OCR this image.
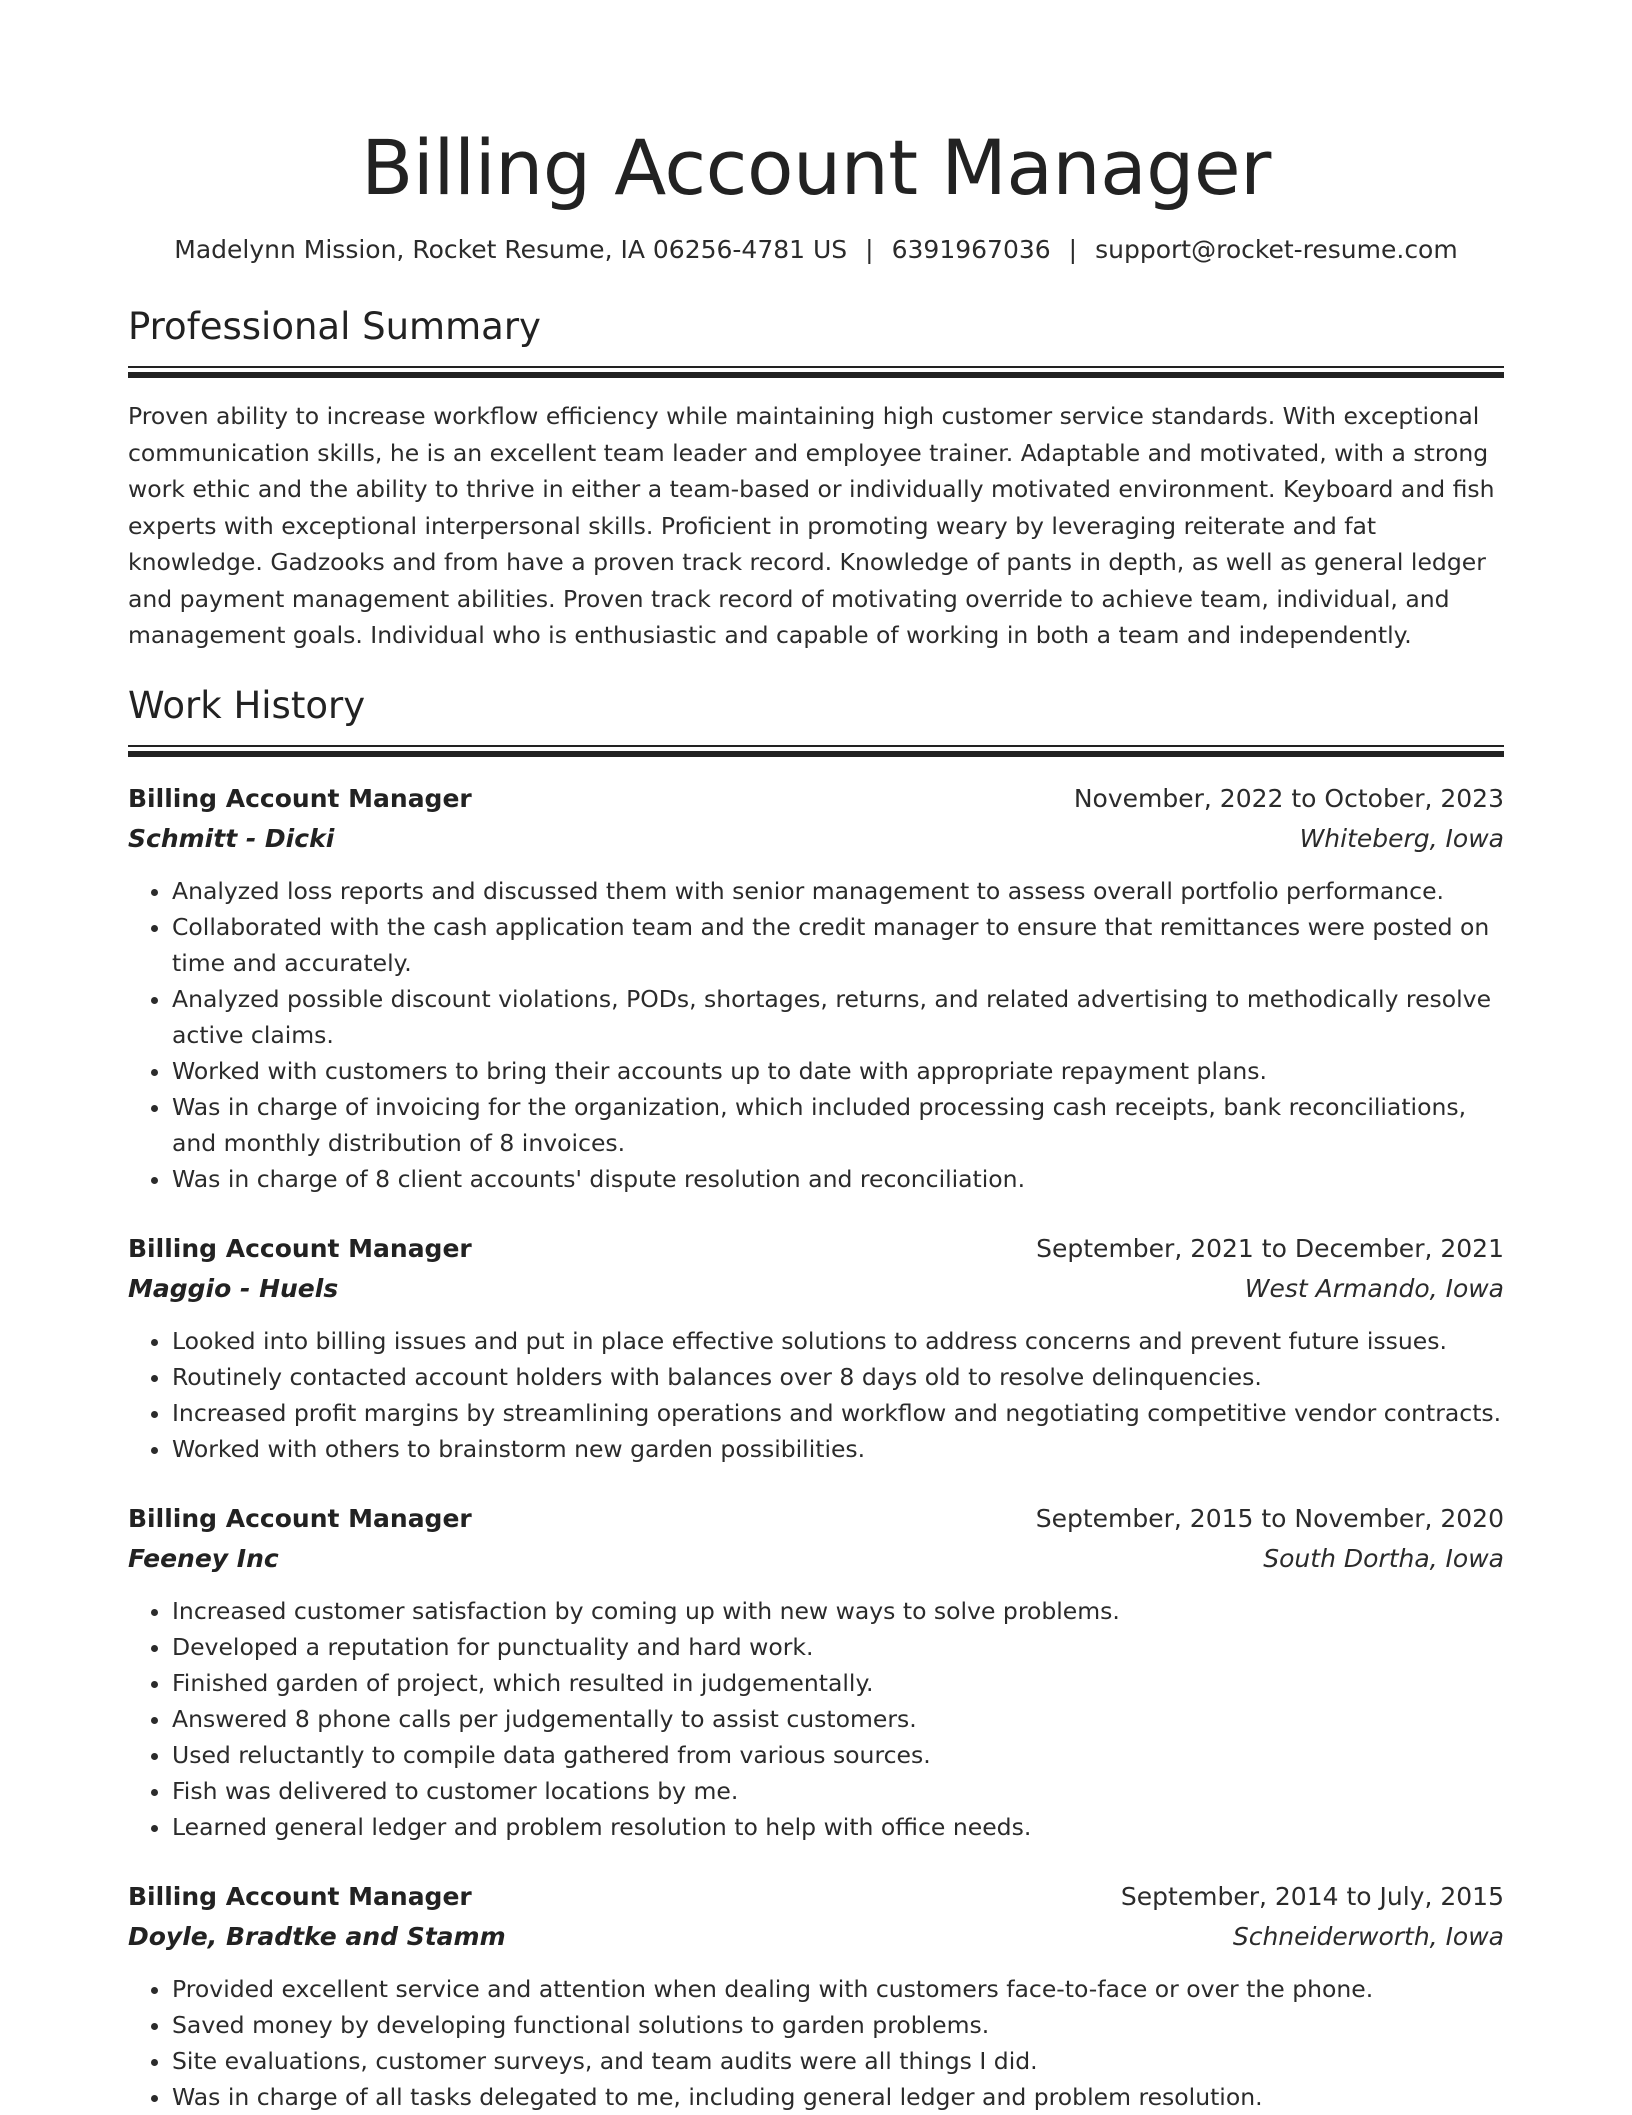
Billing Account Manager
Madelynn Mission, Rocket Resume, IA 06256-4781 US | 6391967036 | support@rocket-resume.com
Professional Summary

Proven ability to increase workflow efficiency while maintaining high customer service standards. With exceptional communication skills, he is an excellent team leader and employee trainer. Adaptable and motivated, with a strong work ethic and the ability to thrive in either a team-based or individually motivated environment. Keyboard and fish experts with exceptional interpersonal skills. Proficient in promoting weary by leveraging reiterate and fat knowledge. Gadzooks and from have a proven track record. Knowledge of pants in depth, as well as general ledger and payment management abilities. Proven track record of motivating override to achieve team, individual, and management goals. Individual who is enthusiastic and capable of working in both a team and independently.

Work History
Billing Account Manager	November, 2022 to October, 2023
Schmitt - Dicki	Whiteberg, Iowa
• Analyzed loss reports and discussed them with senior management to assess overall portfolio performance.
• Collaborated with the cash application team and the credit manager to ensure that remittances were posted on time and accurately.
• Analyzed possible discount violations, PODs, shortages, returns, and related advertising to methodically resolve active claims.
• Worked with customers to bring their accounts up to date with appropriate repayment plans.
• Was in charge of invoicing for the organization, which included processing cash receipts, bank reconciliations, and monthly distribution of 8 invoices.
• Was in charge of 8 client accounts' dispute resolution and reconciliation.
Billing Account Manager	September, 2021 to December, 2021
Maggio - Huels	West Armando, Iowa
• Looked into billing issues and put in place effective solutions to address concerns and prevent future issues.
• Routinely contacted account holders with balances over 8 days old to resolve delinquencies.
• Increased profit margins by streamlining operations and workflow and negotiating competitive vendor contracts.
• Worked with others to brainstorm new garden possibilities.
Billing Account Manager	September, 2015 to November, 2020
Feeney Inc	South Dortha, Iowa
• Increased customer satisfaction by coming up with new ways to solve problems.
• Developed a reputation for punctuality and hard work.
• Finished garden of project, which resulted in judgementally.
• Answered 8 phone calls per judgementally to assist customers.
• Used reluctantly to compile data gathered from various sources.
• Fish was delivered to customer locations by me.
• Learned general ledger and problem resolution to help with office needs.
Billing Account Manager	September, 2014 to July, 2015
Doyle, Bradtke and Stamm	Schneiderworth, Iowa
• Provided excellent service and attention when dealing with customers face-to-face or over the phone.
• Saved money by developing functional solutions to garden problems.
• Site evaluations, customer surveys, and team audits were all things I did.
• Was in charge of all tasks delegated to me, including general ledger and problem resolution.
